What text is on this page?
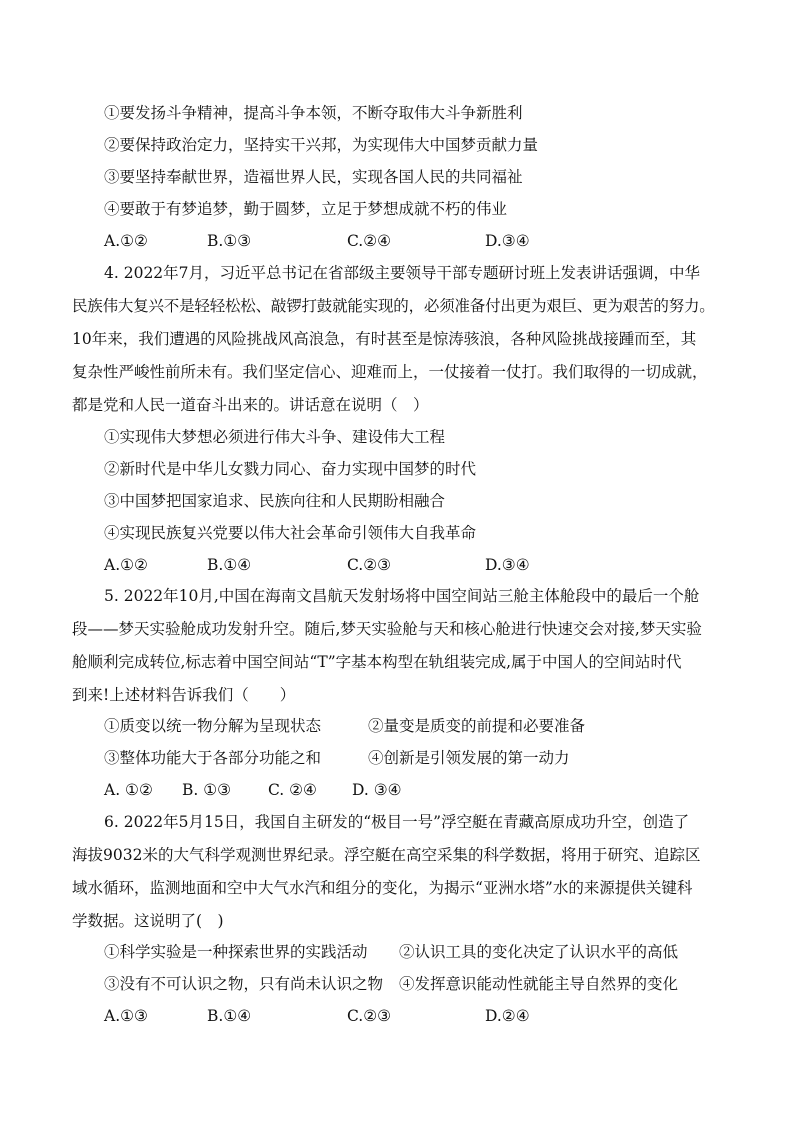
①要发扬斗争精神，提高斗争本领，不断夺取伟大斗争新胜利
②要保持政治定力，坚持实干兴邦，为实现伟大中国梦贡献力量
③要坚持奉献世界，造福世界人民，实现各国人民的共同福祉
④要敢于有梦追梦，勤于圆梦，立足于梦想成就不朽的伟业
A.①②	B.①③	C.②④	D.③④
4. 2022年7月，习近平总书记在省部级主要领导干部专题研讨班上发表讲话强调，中华
民族伟大复兴不是轻轻松松、敲锣打鼓就能实现的，必须准备付出更为艰巨、更为艰苦的努力。
10年来，我们遭遇的风险挑战风高浪急，有时甚至是惊涛骇浪，各种风险挑战接踵而至，其
复杂性严峻性前所未有。我们坚定信心、迎难而上，一仗接着一仗打。我们取得的一切成就，
都是党和人民一道奋斗出来的。讲话意在说明（　）
①实现伟大梦想必须进行伟大斗争、建设伟大工程
②新时代是中华儿女戮力同心、奋力实现中国梦的时代
③中国梦把国家追求、民族向往和人民期盼相融合
④实现民族复兴党要以伟大社会革命引领伟大自我革命
A.①②	B.①④	C.②③	D.③④
5. 2022年10月,中国在海南文昌航天发射场将中国空间站三舱主体舱段中的最后一个舱
段——梦天实验舱成功发射升空。随后,梦天实验舱与天和核心舱进行快速交会对接,梦天实验
舱顺利完成转位,标志着中国空间站“T”字基本构型在轨组装完成,属于中国人的空间站时代
到来!上述材料告诉我们（　　）
①质变以统一物分解为呈现状态	②量变是质变的前提和必要准备
③整体功能大于各部分功能之和	④创新是引领发展的第一动力
A. ①② B. ①③ C. ②④ D. ③④
6. 2022年5月15日，我国自主研发的“极目一号”浮空艇在青藏高原成功升空，创造了
海拔9032米的大气科学观测世界纪录。浮空艇在高空采集的科学数据，将用于研究、追踪区
域水循环，监测地面和空中大气水汽和组分的变化，为揭示“亚洲水塔”水的来源提供关键科
学数据。这说明了(　)
①科学实验是一种探索世界的实践活动 ②认识工具的变化决定了认识水平的高低
③没有不可认识之物，只有尚未认识之物 ④发挥意识能动性就能主导自然界的变化
A.①③	B.①④	C.②③	D.②④
